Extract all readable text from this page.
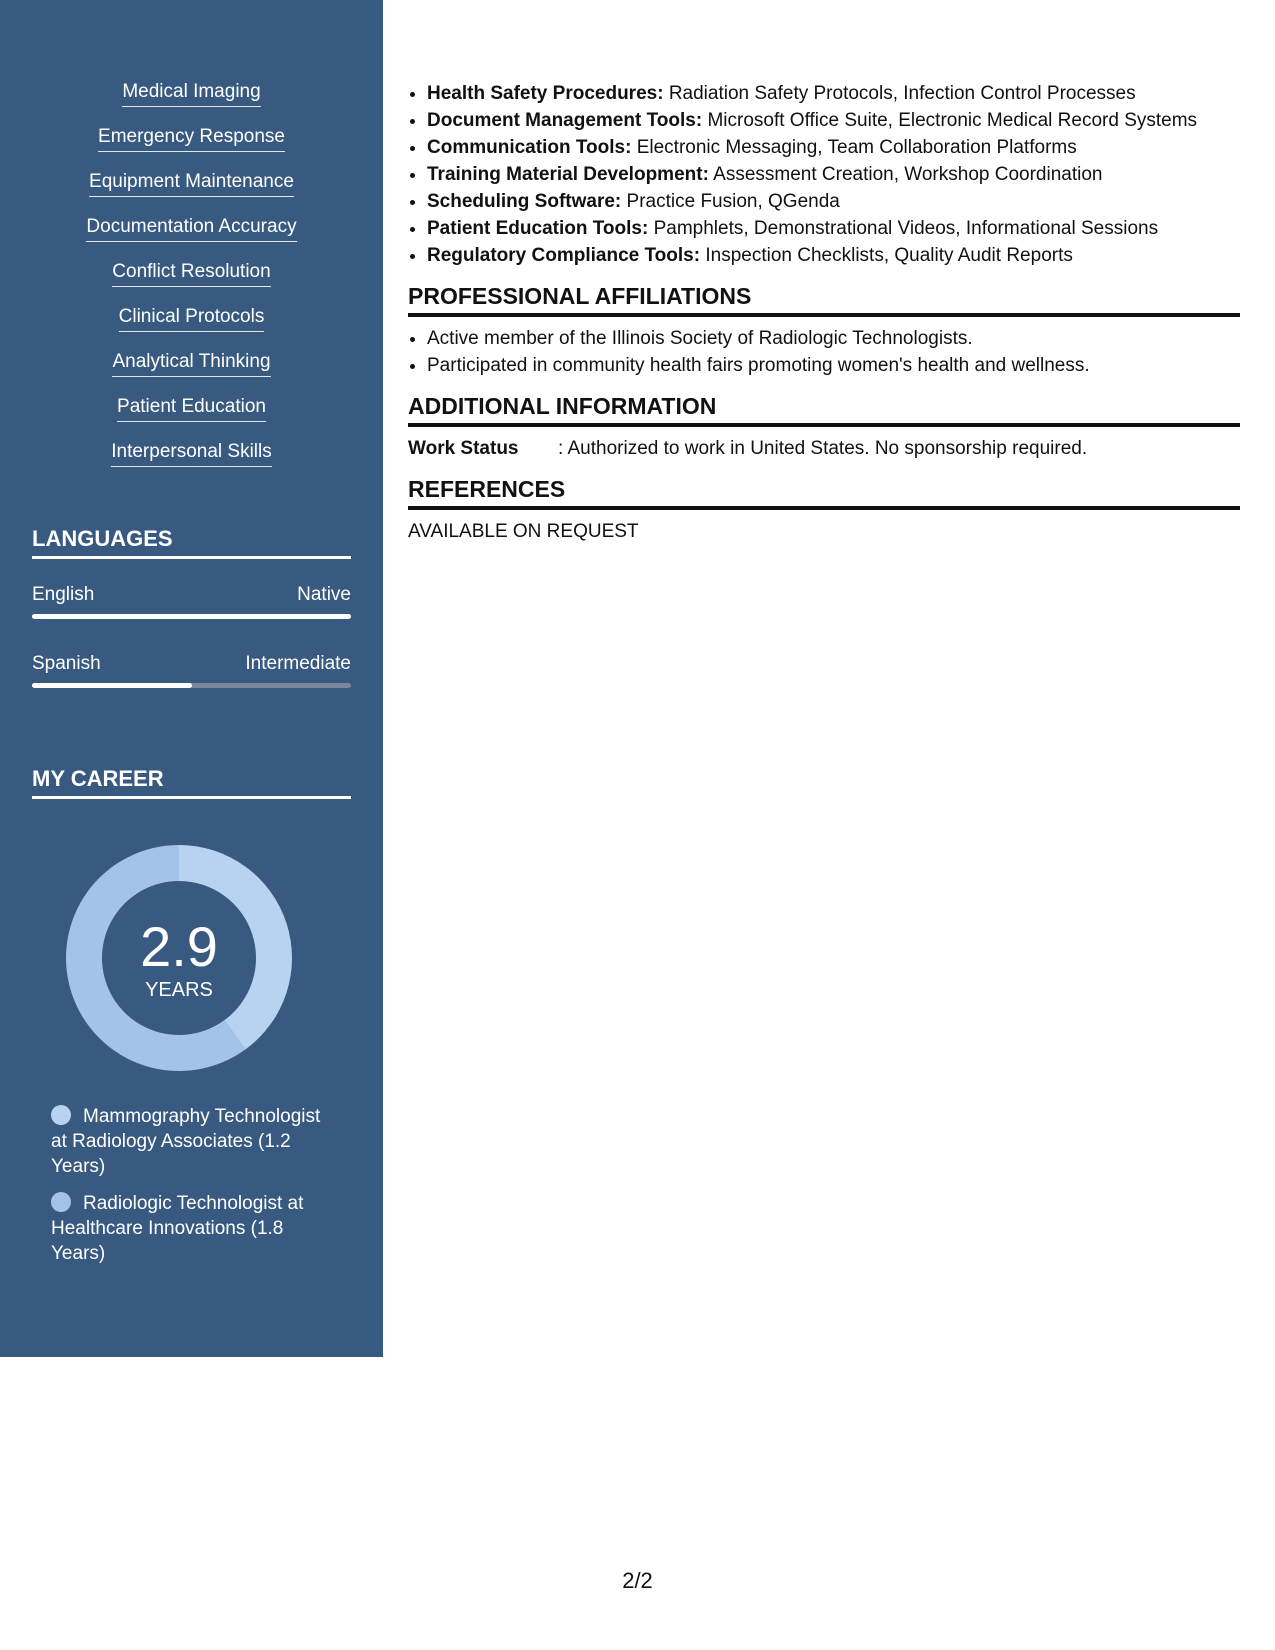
Medical Imaging
Emergency Response
Equipment Maintenance
Documentation Accuracy
Conflict Resolution
Clinical Protocols
Analytical Thinking
Patient Education
Interpersonal Skills
LANGUAGES
English	Native
Spanish	Intermediate
MY CAREER
2.9
YEARS
Mammography Technologist at Radiology Associates (1.2 Years)
Radiologic Technologist at Healthcare Innovations (1.8 Years)
• Health Safety Procedures: Radiation Safety Protocols, Infection Control Processes
• Document Management Tools: Microsoft Office Suite, Electronic Medical Record Systems
• Communication Tools: Electronic Messaging, Team Collaboration Platforms
• Training Material Development: Assessment Creation, Workshop Coordination
• Scheduling Software: Practice Fusion, QGenda
• Patient Education Tools: Pamphlets, Demonstrational Videos, Informational Sessions
• Regulatory Compliance Tools: Inspection Checklists, Quality Audit Reports
PROFESSIONAL AFFILIATIONS
• Active member of the Illinois Society of Radiologic Technologists.
• Participated in community health fairs promoting women's health and wellness.
ADDITIONAL INFORMATION
Work Status : Authorized to work in United States. No sponsorship required.
REFERENCES
AVAILABLE ON REQUEST
2/2
